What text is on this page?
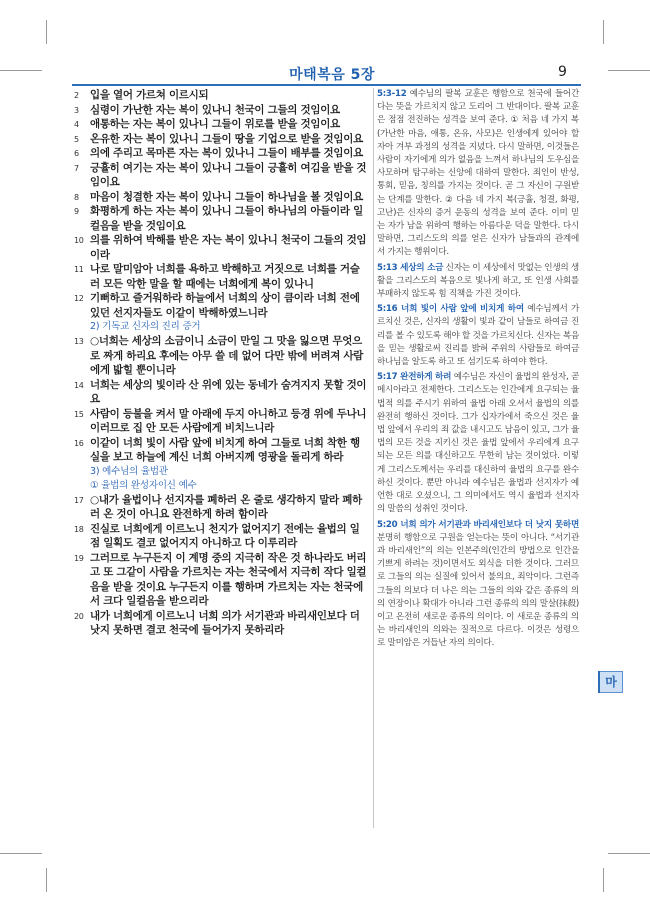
마태복음 5장	9
2 입을 열어 가르쳐 이르시되
3 심령이 가난한 자는 복이 있나니 천국이 그들의 것임이요
4 애통하는 자는 복이 있나니 그들이 위로를 받을 것임이요
5 온유한 자는 복이 있나니 그들이 땅을 기업으로 받을 것임이요
6 의에 주리고 목마른 자는 복이 있나니 그들이 배부를 것임이요
7 긍휼히 여기는 자는 복이 있나니 그들이 긍휼히 여김을 받을 것임이요
8 마음이 청결한 자는 복이 있나니 그들이 하나님을 볼 것임이요
9 화평하게 하는 자는 복이 있나니 그들이 하나님의 아들이라 일컬음을 받을 것임이요
10 의를 위하여 박해를 받은 자는 복이 있나니 천국이 그들의 것임이라
11 나로 말미암아 너희를 욕하고 박해하고 거짓으로 너희를 거슬러 모든 악한 말을 할 때에는 너희에게 복이 있나니
12 기뻐하고 즐거워하라 하늘에서 너희의 상이 큼이라 너희 전에 있던 선지자들도 이같이 박해하였느니라
2) 기독교 신자의 진리 증거
13 ○너희는 세상의 소금이니 소금이 만일 그 맛을 잃으면 무엇으로 짜게 하리요 후에는 아무 쓸 데 없어 다만 밖에 버려져 사람에게 밟힐 뿐이니라
14 너희는 세상의 빛이라 산 위에 있는 동네가 숨겨지지 못할 것이요
15 사람이 등불을 켜서 말 아래에 두지 아니하고 등경 위에 두나니 이러므로 집 안 모든 사람에게 비치느니라
16 이같이 너희 빛이 사람 앞에 비치게 하여 그들로 너희 착한 행실을 보고 하늘에 계신 너희 아버지께 영광을 돌리게 하라
3) 예수님의 율법관
① 율법의 완성자이신 예수
17 ○내가 율법이나 선지자를 폐하러 온 줄로 생각하지 말라 폐하러 온 것이 아니요 완전하게 하려 함이라
18 진실로 너희에게 이르노니 천지가 없어지기 전에는 율법의 일점 일획도 결코 없어지지 아니하고 다 이루리라
19 그러므로 누구든지 이 계명 중의 지극히 작은 것 하나라도 버리고 또 그같이 사람을 가르치는 자는 천국에서 지극히 작다 일컬음을 받을 것이요 누구든지 이를 행하며 가르치는 자는 천국에서 크다 일컬음을 받으리라
20 내가 너희에게 이르노니 너희 의가 서기관과 바리새인보다 더 낫지 못하면 결코 천국에 들어가지 못하리라
5:3-12 예수님의 팔복 교훈은 행함으로 천국에 들어간다는 뜻을 가르치지 않고 도리어 그 반대이다. 팔복 교훈은 점점 전진하는 성격을 보여 준다. ① 처음 네 가지 복(가난한 마음, 애통, 온유, 사모)은 인생에게 있어야 할 자아 겨부 과정의 성격을 지녔다. 다시 말하면, 이것들은 사람이 자기에게 의가 없음을 느껴서 하나님의 도우심을 사모하며 탐구하는 신앙에 대하여 말한다. 죄인이 반성, 통회, 믿음, 칭의를 가지는 것이다. 곧 그 자신이 구원받는 단계를 말한다. ② 다음 네 가지 복(긍휼, 청결, 화평, 고난)은 신자의 증거 운동의 성격을 보여 준다. 이미 믿는 자가 남을 위하여 행하는 아름다운 덕을 말한다. 다시 말하면, 그리스도의 의를 얻은 신자가 남들과의 관계에서 가지는 행위이다.
5:13 세상의 소금 신자는 이 세상에서 맛없는 인생의 생활을 그리스도의 복음으로 빛나게 하고, 또 인생 사회를 부패하지 않도록 힘 직책을 가진 것이다.
5:16 너희 빛이 사람 앞에 비치게 하여 예수님께서 가르치신 것은, 신자의 생활이 빛과 같이 남들로 하여금 진리를 볼 수 있도록 해야 할 것을 가르치신다. 신자는 복음을 믿는 생활로써 진리를 밝혀 주위의 사람들로 하여금 하나님을 알도록 하고 또 섬기도록 하여야 한다.
5:17 완전하게 하려 예수님은 자신이 율법의 완성자, 곧 메시아라고 전제한다. 그리스도는 인간에게 요구되는 율법적 의를 주시기 위하여 율법 아래 오셔서 율법의 의를 완전히 행하신 것이다. 그가 십자가에서 죽으신 것은 율법 앞에서 우리의 죄 값을 내시고도 남음이 있고, 그가 율법의 모든 것을 지키신 것은 율법 앞에서 우리에게 요구되는 모든 의를 대신하고도 무한히 남는 것이었다. 이렇게 그리스도께서는 우리를 대신하여 율법의 요구를 완수하신 것이다. 뿐만 아니라 예수님은 율법과 선지자가 예언한 대로 오셨으니, 그 의미에서도 역시 율법과 선지자의 말씀의 성취인 것이다.
5:20 너희 의가 서기관과 바리새인보다 더 낫지 못하면 분명히 행함으로 구원을 얻는다는 뜻이 아니다. “서기관과 바리새인”의 의는 인본주의(인간의 방법으로 인간을 기쁘게 하려는 것)이면서도 외식을 더한 것이다. 그러므로 그들의 의는 실질에 있어서 불의요, 죄악이다. 그런즉 그들의 의보다 더 나은 의는 그들의 의와 같은 종류의 의의 연장이나 확대가 아니라 그런 종류의 의의 말살(抹殺)이고 온전히 새로운 종류의 의이다. 이 새로운 종류의 의는 바리새인의 의와는 질적으로 다르다. 이것은 성령으로 말미암은 거듭난 자의 의이다.
마
